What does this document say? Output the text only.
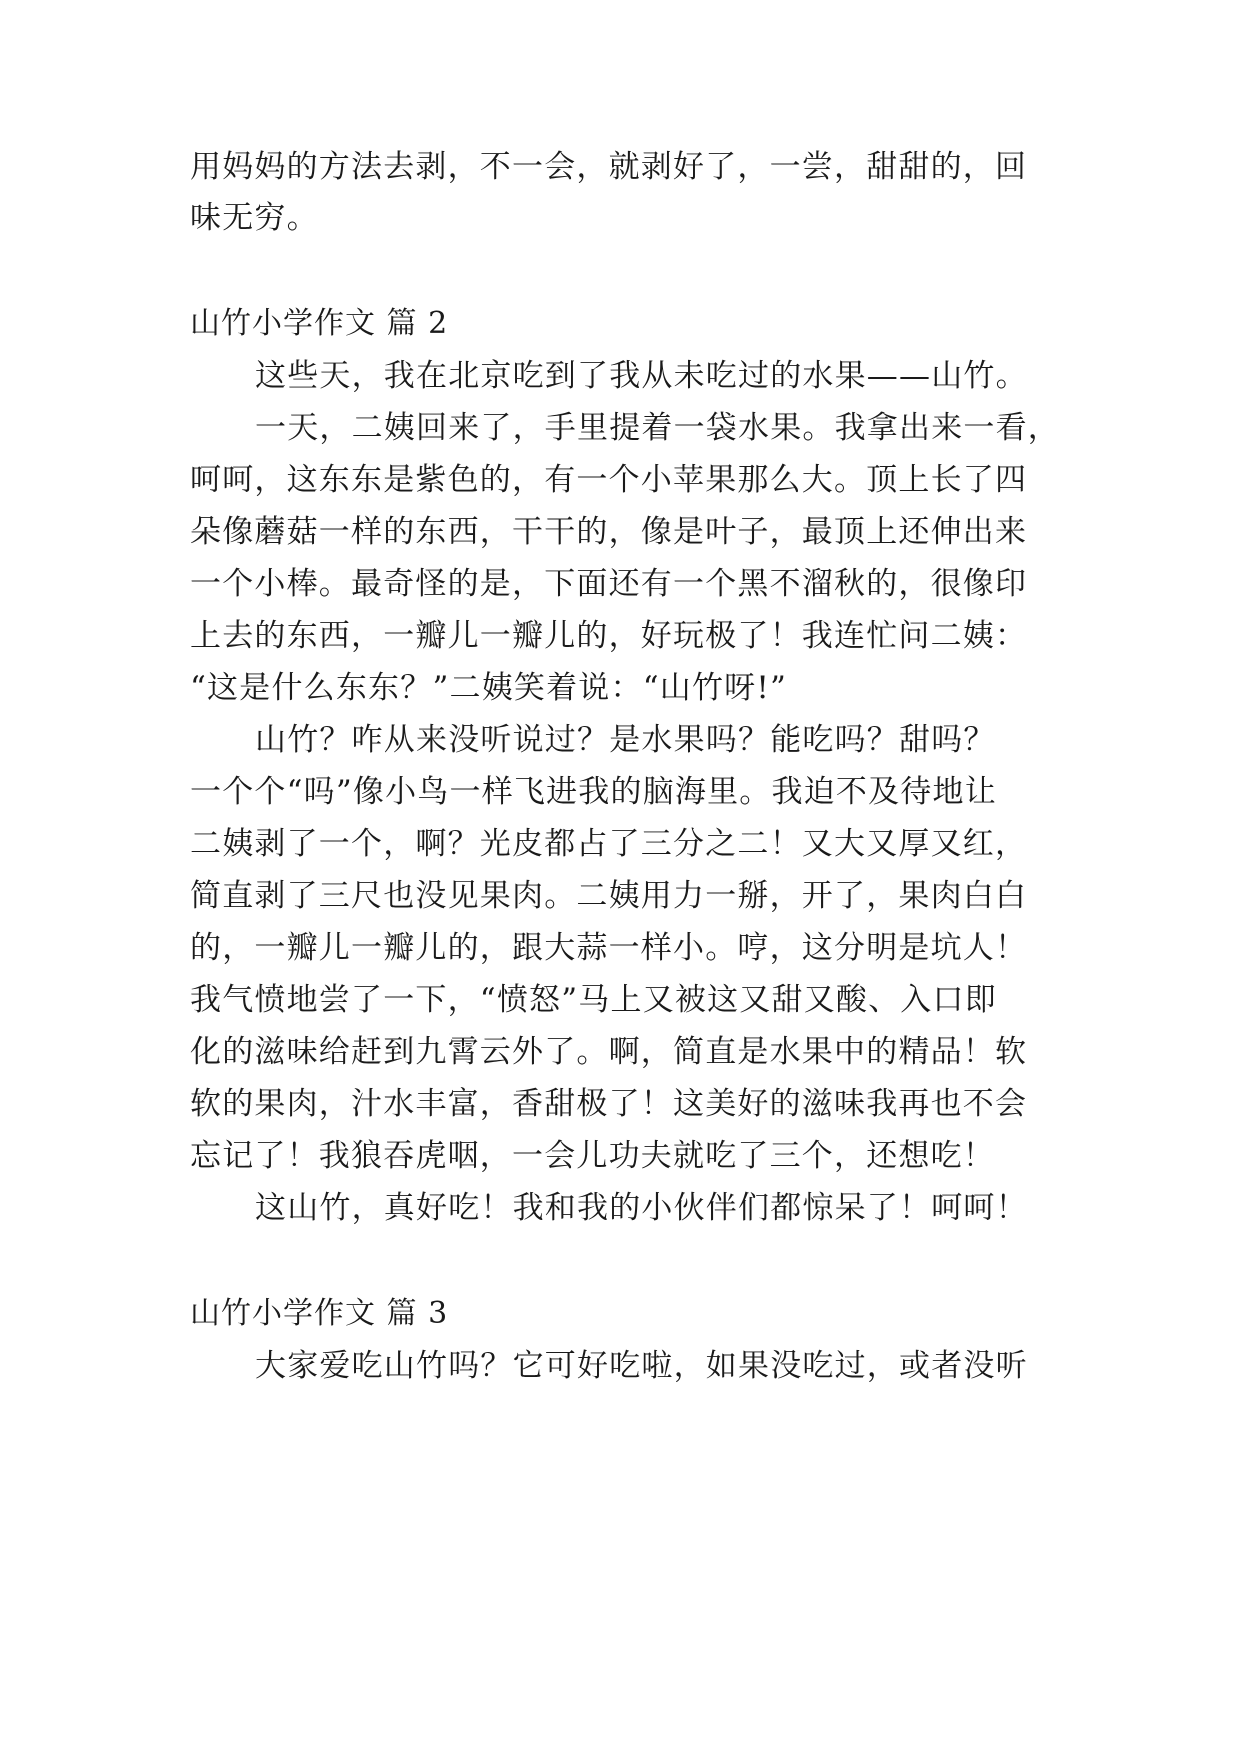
用妈妈的方法去剥，不一会，就剥好了，一尝，甜甜的，回
味无穷。
山竹小学作文 篇 2
这些天，我在北京吃到了我从未吃过的水果——山竹。
一天，二姨回来了，手里提着一袋水果。我拿出来一看，
呵呵，这东东是紫色的，有一个小苹果那么大。顶上长了四
朵像蘑菇一样的东西，干干的，像是叶子，最顶上还伸出来
一个小棒。最奇怪的是，下面还有一个黑不溜秋的，很像印
上去的东西，一瓣儿一瓣儿的，好玩极了！我连忙问二姨：
“这是什么东东？”二姨笑着说：“山竹呀!”
山竹？咋从来没听说过？是水果吗？能吃吗？甜吗？
一个个“吗”像小鸟一样飞进我的脑海里。我迫不及待地让
二姨剥了一个，啊？光皮都占了三分之二！又大又厚又红，
简直剥了三尺也没见果肉。二姨用力一掰，开了，果肉白白
的，一瓣儿一瓣儿的，跟大蒜一样小。哼，这分明是坑人！
我气愤地尝了一下，“愤怒”马上又被这又甜又酸、入口即
化的滋味给赶到九霄云外了。啊，简直是水果中的精品！软
软的果肉，汁水丰富，香甜极了！这美好的滋味我再也不会
忘记了！我狼吞虎咽，一会儿功夫就吃了三个，还想吃！
这山竹，真好吃！我和我的小伙伴们都惊呆了！呵呵！
山竹小学作文 篇 3
大家爱吃山竹吗？它可好吃啦，如果没吃过，或者没听
